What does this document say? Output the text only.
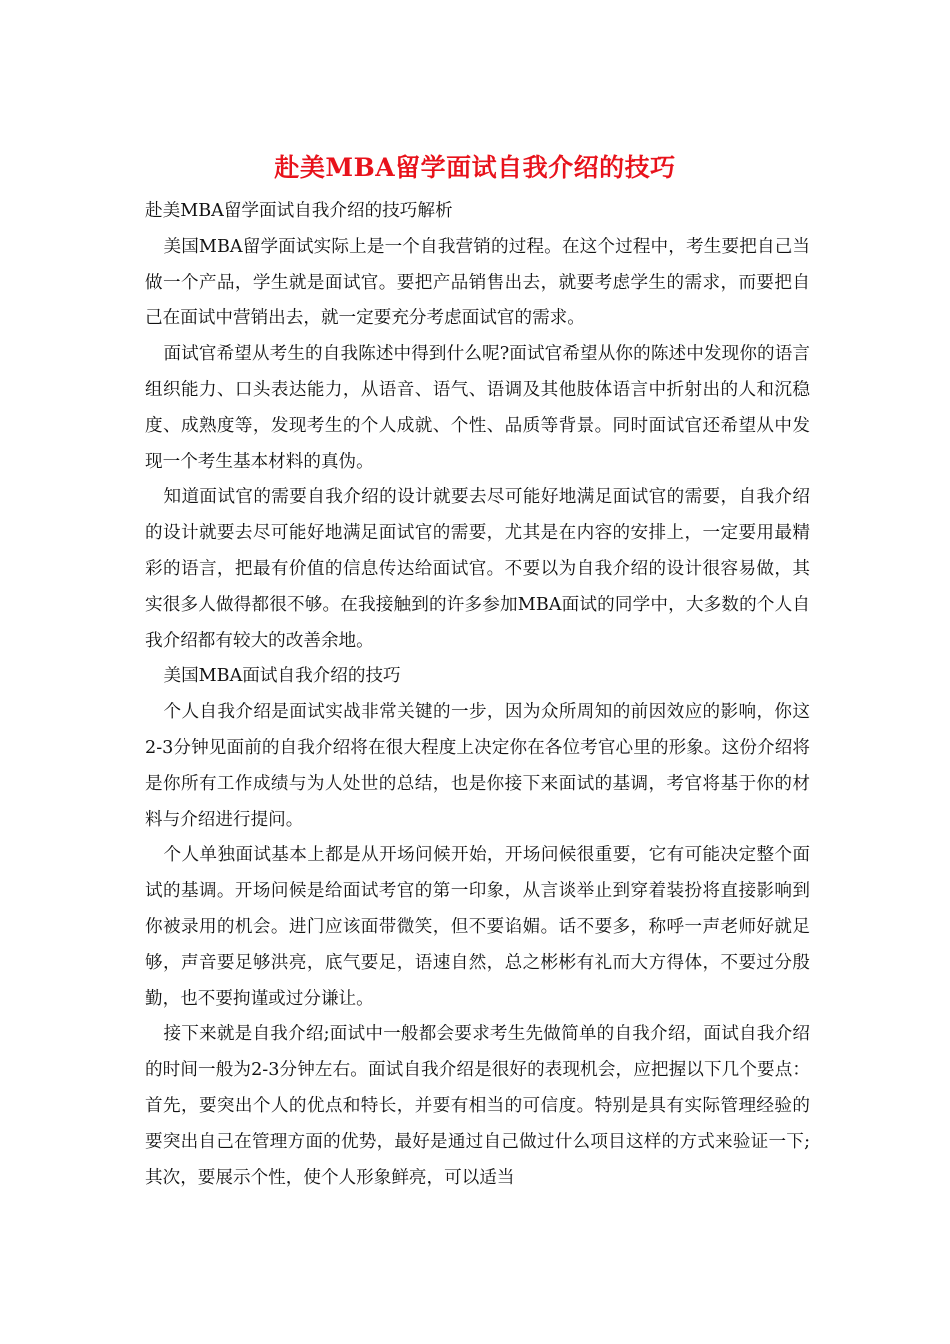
赴美MBA留学面试自我介绍的技巧

赴美MBA留学面试自我介绍的技巧解析

美国MBA留学面试实际上是一个自我营销的过程。在这个过程中，考生要把自己当做一个产品，学生就是面试官。要把产品销售出去，就要考虑学生的需求，而要把自己在面试中营销出去，就一定要充分考虑面试官的需求。

面试官希望从考生的自我陈述中得到什么呢?面试官希望从你的陈述中发现你的语言组织能力、口头表达能力，从语音、语气、语调及其他肢体语言中折射出的人和沉稳度、成熟度等，发现考生的个人成就、个性、品质等背景。同时面试官还希望从中发现一个考生基本材料的真伪。

知道面试官的需要自我介绍的设计就要去尽可能好地满足面试官的需要，自我介绍的设计就要去尽可能好地满足面试官的需要，尤其是在内容的安排上，一定要用最精彩的语言，把最有价值的信息传达给面试官。不要以为自我介绍的设计很容易做，其实很多人做得都很不够。在我接触到的许多参加MBA面试的同学中，大多数的个人自我介绍都有较大的改善余地。

美国MBA面试自我介绍的技巧

个人自我介绍是面试实战非常关键的一步，因为众所周知的前因效应的影响，你这2-3分钟见面前的自我介绍将在很大程度上决定你在各位考官心里的形象。这份介绍将是你所有工作成绩与为人处世的总结，也是你接下来面试的基调，考官将基于你的材料与介绍进行提问。

个人单独面试基本上都是从开场问候开始，开场问候很重要，它有可能决定整个面试的基调。开场问候是给面试考官的第一印象，从言谈举止到穿着装扮将直接影响到你被录用的机会。进门应该面带微笑，但不要谄媚。话不要多，称呼一声老师好就足够，声音要足够洪亮，底气要足，语速自然，总之彬彬有礼而大方得体，不要过分殷勤，也不要拘谨或过分谦让。

接下来就是自我介绍;面试中一般都会要求考生先做简单的自我介绍，面试自我介绍的时间一般为2-3分钟左右。面试自我介绍是很好的表现机会，应把握以下几个要点：首先，要突出个人的优点和特长，并要有相当的可信度。特别是具有实际管理经验的要突出自己在管理方面的优势，最好是通过自己做过什么项目这样的方式来验证一下;其次，要展示个性，使个人形象鲜亮，可以适当
